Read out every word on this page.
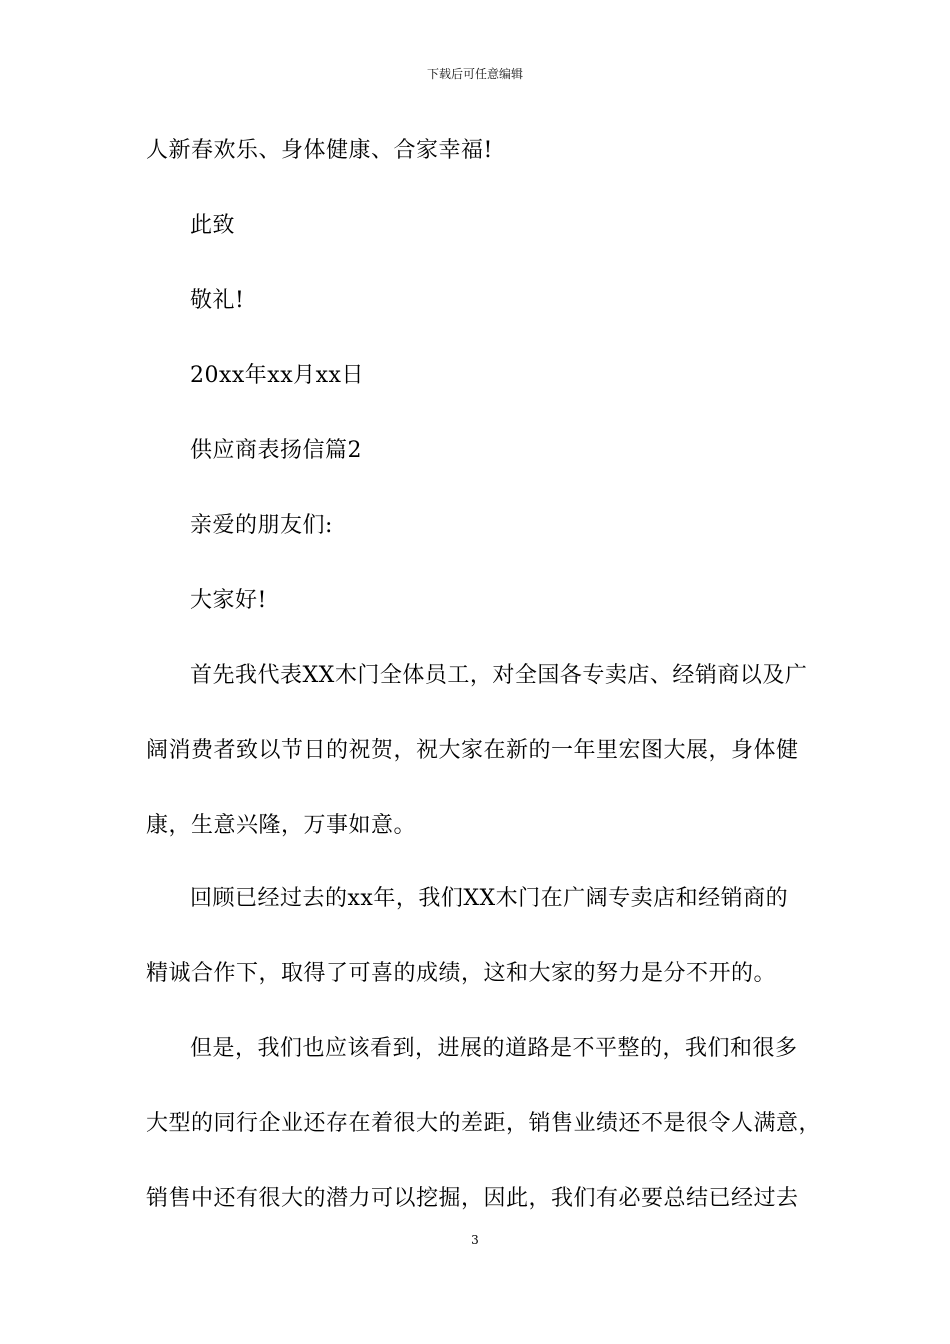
下载后可任意编辑
人新春欢乐、身体健康、合家幸福!
此致
敬礼!
20xx年xx月xx日
供应商表扬信篇2
亲爱的朋友们:
大家好!
首先我代表XX木门全体员工，对全国各专卖店、经销商以及广
阔消费者致以节日的祝贺，祝大家在新的一年里宏图大展，身体健
康，生意兴隆，万事如意。
回顾已经过去的xx年，我们XX木门在广阔专卖店和经销商的
精诚合作下，取得了可喜的成绩，这和大家的努力是分不开的。
但是，我们也应该看到，进展的道路是不平整的，我们和很多
大型的同行企业还存在着很大的差距，销售业绩还不是很令人满意，
销售中还有很大的潜力可以挖掘，因此，我们有必要总结已经过去
3
